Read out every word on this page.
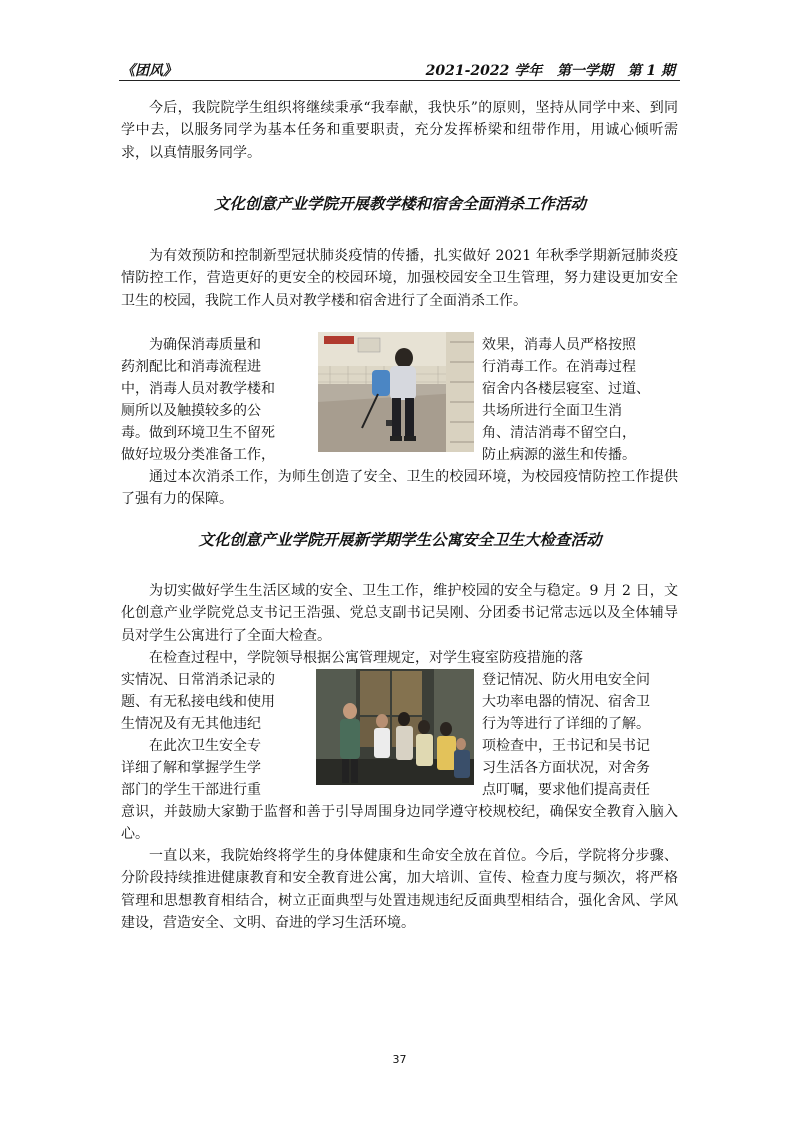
《团风》	2021-2022 学年   第一学期   第 1 期

今后，我院院学生组织将继续秉承“我奉献，我快乐”的原则，坚持从同学中来、到同学中去，以服务同学为基本任务和重要职责，充分发挥桥梁和纽带作用，用诚心倾听需求，以真情服务同学。

文化创意产业学院开展教学楼和宿舍全面消杀工作活动

为有效预防和控制新型冠状肺炎疫情的传播，扎实做好 2021 年秋季学期新冠肺炎疫情防控工作，营造更好的更安全的校园环境，加强校园安全卫生管理，努力建设更加安全卫生的校园，我院工作人员对教学楼和宿舍进行了全面消杀工作。

为确保消毒质量和
药剂配比和消毒流程进
中，消毒人员对教学楼和
厕所以及触摸较多的公
毒。做到环境卫生不留死
做好垃圾分类准备工作，
效果，消毒人员严格按照
行消毒工作。在消毒过程
宿舍内各楼层寝室、过道、
共场所进行全面卫生消
角、清洁消毒不留空白，
防止病源的滋生和传播。

通过本次消杀工作，为师生创造了安全、卫生的校园环境，为校园疫情防控工作提供了强有力的保障。

文化创意产业学院开展新学期学生公寓安全卫生大检查活动

为切实做好学生生活区域的安全、卫生工作，维护校园的安全与稳定。9 月 2 日，文化创意产业学院党总支书记王浩强、党总支副书记吴刚、分团委书记常志远以及全体辅导员对学生公寓进行了全面大检查。

在检查过程中，学院领导根据公寓管理规定，对学生寝室防疫措施的落

实情况、日常消杀记录的
题、有无私接电线和使用
生情况及有无其他违纪
　　在此次卫生安全专
详细了解和掌握学生学
部门的学生干部进行重
登记情况、防火用电安全问
大功率电器的情况、宿舍卫
行为等进行了详细的了解。
项检查中，王书记和吴书记
习生活各方面状况，对舍务
点叮嘱，要求他们提高责任

意识，并鼓励大家勤于监督和善于引导周围身边同学遵守校规校纪，确保安全教育入脑入心。

一直以来，我院始终将学生的身体健康和生命安全放在首位。今后，学院将分步骤、分阶段持续推进健康教育和安全教育进公寓，加大培训、宣传、检查力度与频次，将严格管理和思想教育相结合，树立正面典型与处置违规违纪反面典型相结合，强化舍风、学风建设，营造安全、文明、奋进的学习生活环境。

37
